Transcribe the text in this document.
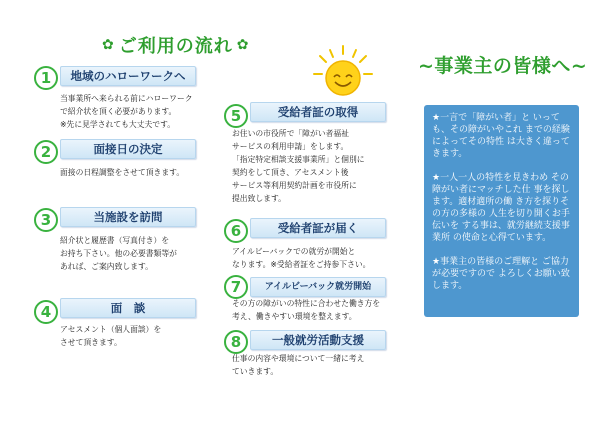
✿ ご利用の流れ ✿
1	地域のハローワークへ
当事業所へ来られる前にハローワーク
で紹介状を頂く必要があります。
※先に見学されても大丈夫です。
2	面接日の決定
面接の日程調整をさせて頂きます。
3	当施設を訪問
紹介状と履歴書（写真付き）を
お持ち下さい。他の必要書類等が
あれば、ご案内致します。
4	面　談
アセスメント（個人面談）を
させて頂きます。
5	受給者証の取得
お住いの市役所で「障がい者福祉
サービスの利用申請」をします。
「指定特定相談支援事業所」と個別に
契約をして頂き、アセスメント後
サービス等利用契約計画を市役所に
提出致します。
6	受給者証が届く
アイルビーバックでの就労が開始と
なります。※受給者証をご持参下さい。
7	アイルビーバック就労開始
その方の障がいの特性に合わせた働き方を
考え、働きやすい環境を整えます。
8	一般就労活動支援
仕事の内容や環境について一緒に考え
ていきます。
~事業主の皆様へ~

★一言で「障がい者」と いっても、その障がいやこれ までの経験によってその特性 は大きく違ってきます。

★一人一人の特性を見きわめ その障がい者にマッチした仕 事を探します。適材適所の働 き方を探りその方の多様の 人生を切り開くお手伝いを する事は、就労継続支援事業所 の使命と心得ています。

★事業主の皆様のご理解と ご協力が必要ですので よろしくお願い致します。
